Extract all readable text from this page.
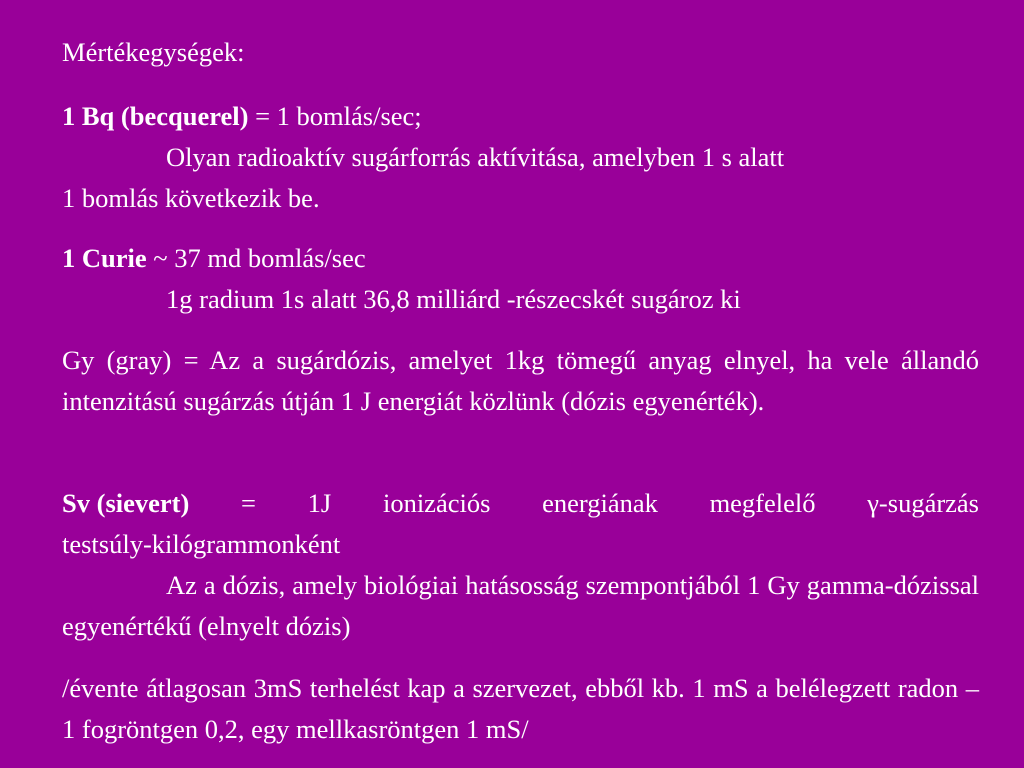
Mértékegységek:

1 Bq (becquerel) = 1 bomlás/sec;
Olyan radioaktív sugárforrás aktívitása, amelyben 1 s alatt
1 bomlás következik be.
1 Curie ~ 37 md bomlás/sec
1g radium 1s alatt 36,8 milliárd -részecskét sugároz ki

Gy (gray) = Az a sugárdózis, amelyet 1kg tömegű anyag elnyel, ha vele állandó intenzitású sugárzás útján 1 J energiát közlünk (dózis egyenérték).

Sv (sievert) = 1J ionizációs energiának megfelelő γ-sugárzás
testsúly-kilógrammonként
Az a dózis, amely biológiai hatásosság szempontjából 1 Gy gamma-dózissal egyenértékű (elnyelt dózis)

/évente átlagosan 3mS terhelést kap a szervezet, ebből kb. 1 mS a belélegzett radon – 1 fogröntgen 0,2, egy mellkasröntgen 1 mS/
